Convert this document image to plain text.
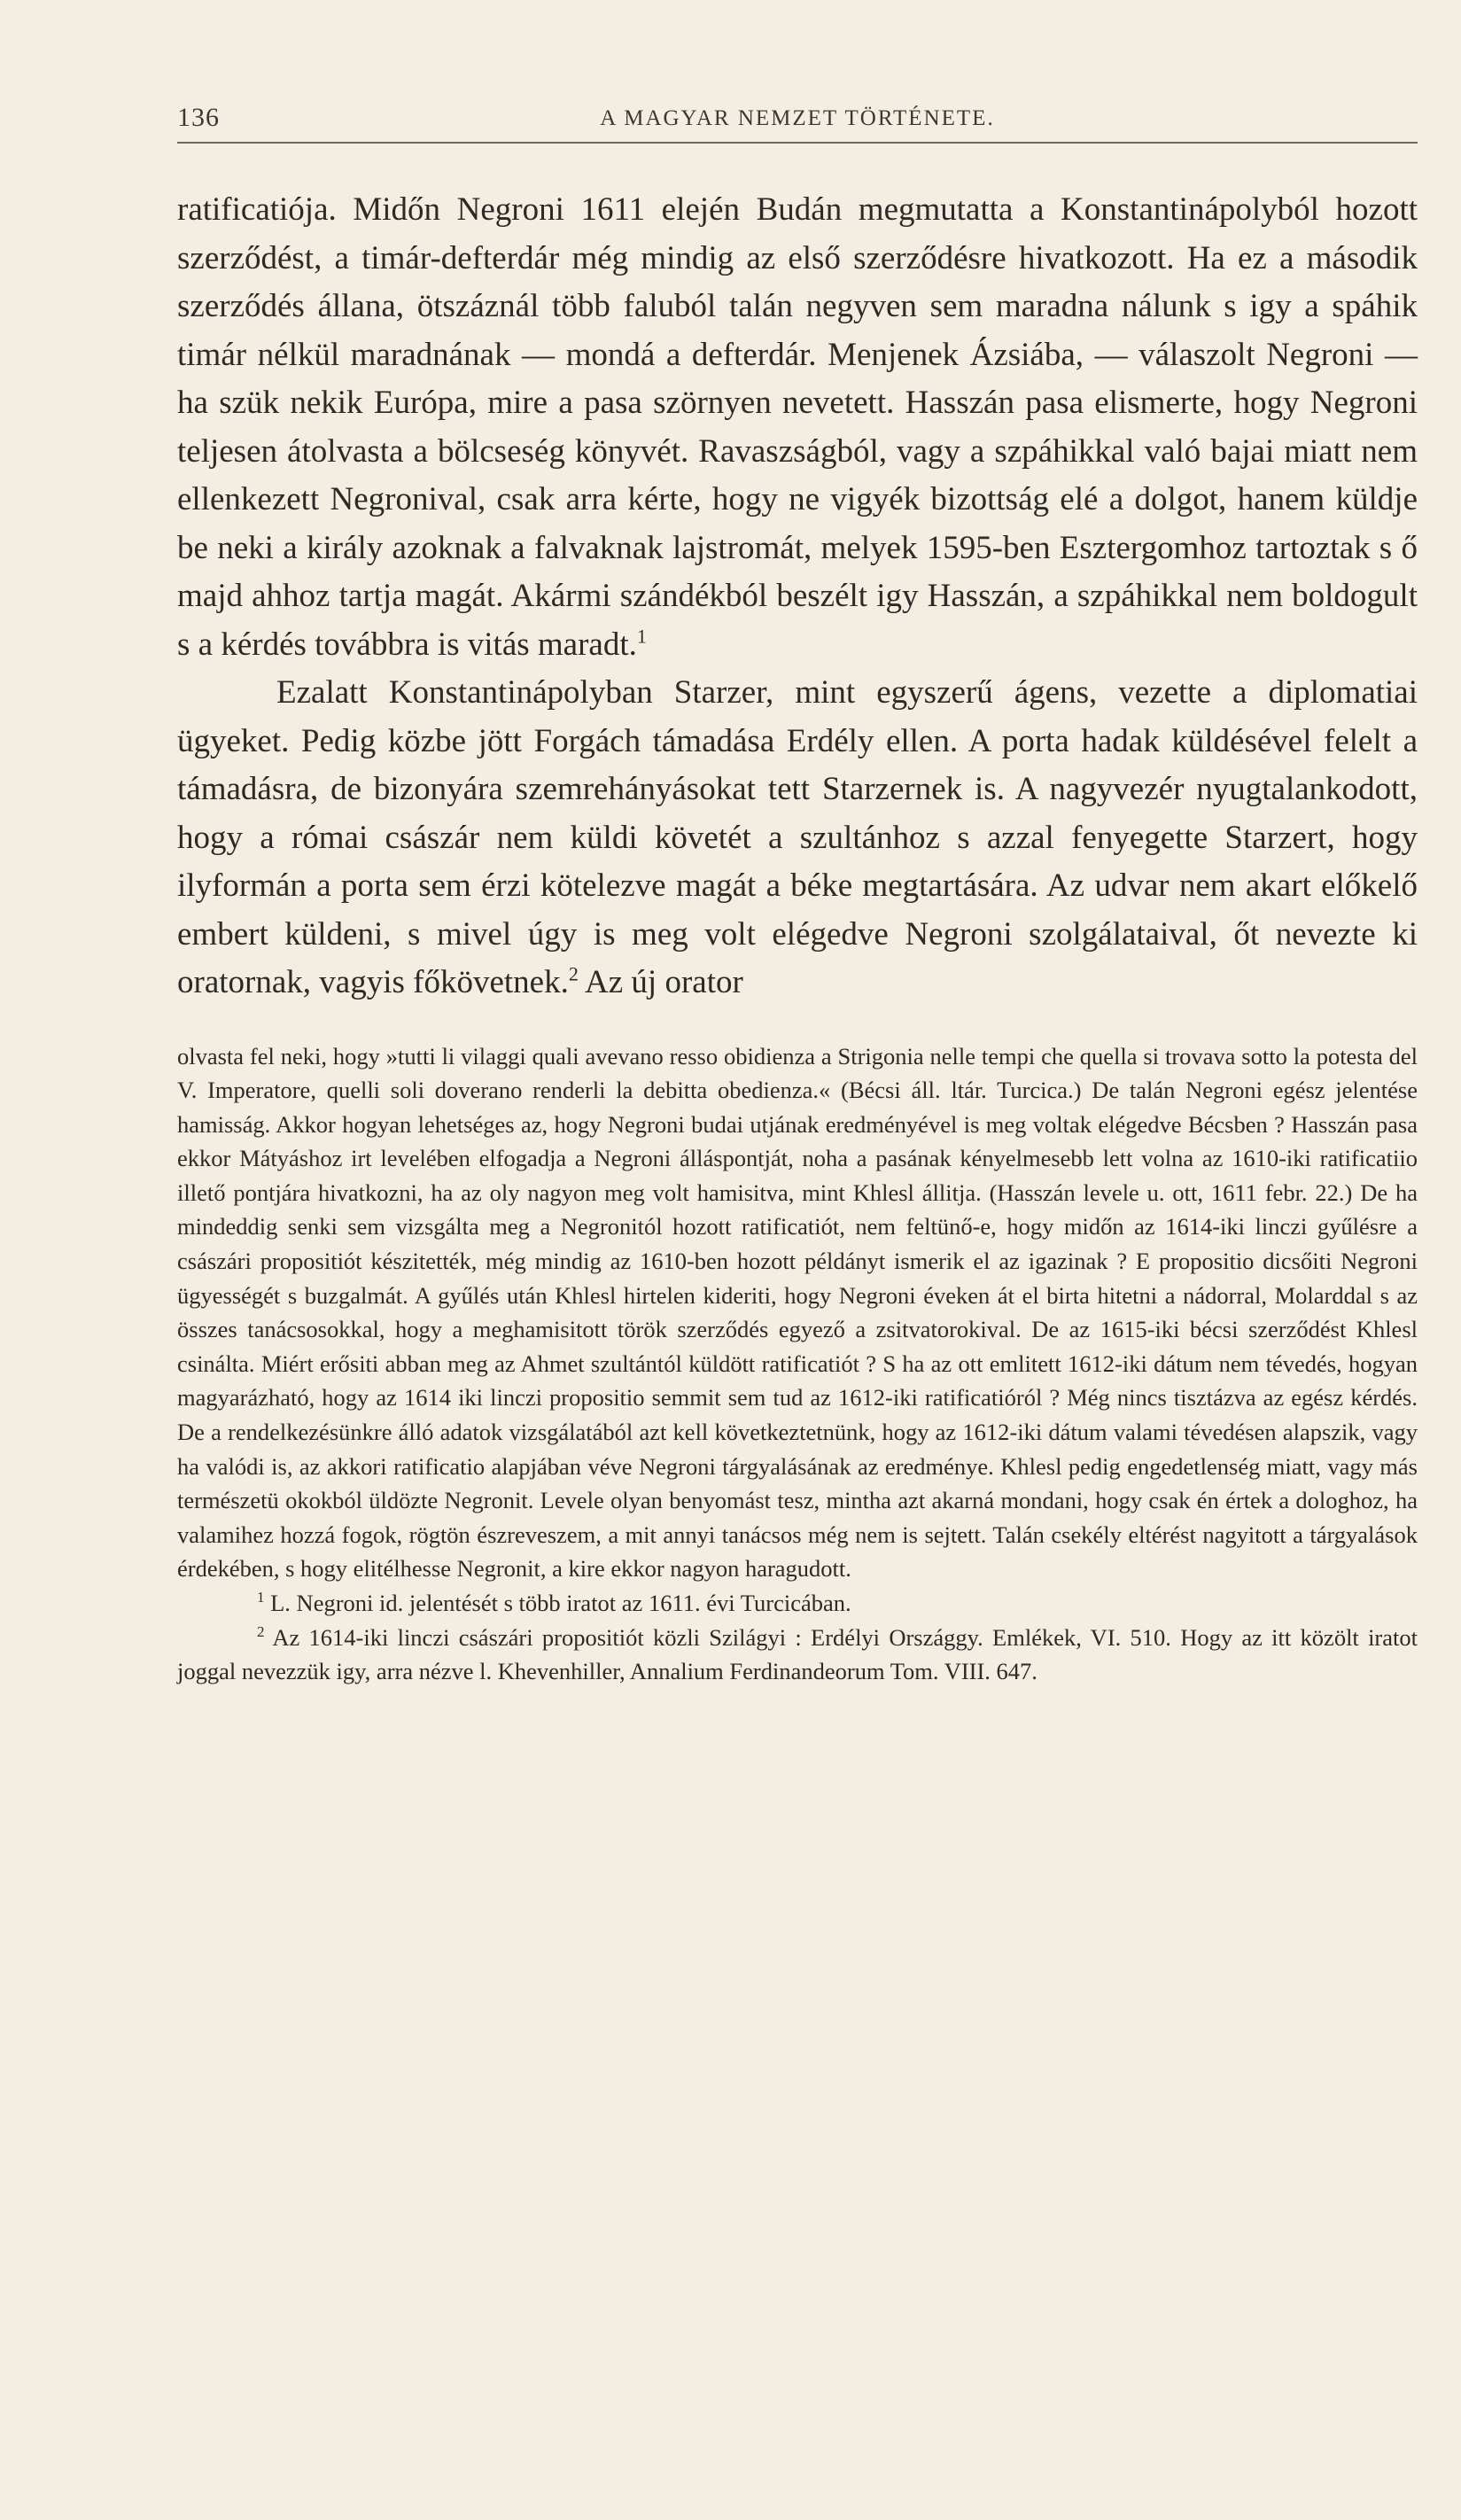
136	A MAGYAR NEMZET TÖRTÉNETE.

ratificatiója. Midőn Negroni 1611 elején Budán megmutatta a Konstantinápolyból hozott szerződést, a timár-defterdár még mindig az első szerződésre hivatkozott. Ha ez a második szerződés állana, ötszáznál több faluból talán negyven sem maradna nálunk s igy a spáhik timár nélkül maradnának — mondá a defterdár. Menjenek Ázsiába, — válaszolt Negroni — ha szük nekik Európa, mire a pasa szörnyen nevetett. Hasszán pasa elismerte, hogy Negroni teljesen átolvasta a bölcseség könyvét. Ravaszságból, vagy a szpáhikkal való bajai miatt nem ellenkezett Negronival, csak arra kérte, hogy ne vigyék bizottság elé a dolgot, hanem küldje be neki a király azoknak a falvaknak lajstromát, melyek 1595-ben Esztergomhoz tartoztak s ő majd ahhoz tartja magát. Akármi szándékból beszélt igy Hasszán, a szpáhikkal nem boldogult s a kérdés továbbra is vitás maradt.$^1$

Ezalatt Konstantinápolyban Starzer, mint egyszerű ágens, vezette a diplomatiai ügyeket. Pedig közbe jött Forgách támadása Erdély ellen. A porta hadak küldésével felelt a támadásra, de bizonyára szemrehányásokat tett Starzernek is. A nagyvezér nyugtalankodott, hogy a római császár nem küldi követét a szultánhoz s azzal fenyegette Starzert, hogy ilyformán a porta sem érzi kötelezve magát a béke megtartására. Az udvar nem akart előkelő embert küldeni, s mivel úgy is meg volt elégedve Negroni szolgálataival, őt nevezte ki oratornak, vagyis főkövetnek.$^2$ Az új orator

olvasta fel neki, hogy »tutti li vilaggi quali avevano resso obidienza a Strigonia nelle tempi che quella si trovava sotto la potesta del V. Imperatore, quelli soli doverano renderli la debitta obedienza.« (Bécsi áll. ltár. Turcica.) De talán Negroni egész jelentése hamisság. Akkor hogyan lehetséges az, hogy Negroni budai utjának eredményével is meg voltak elégedve Bécsben ? Hasszán pasa ekkor Mátyáshoz irt levelében elfogadja a Negroni álláspontját, noha a pasának kényelmesebb lett volna az 1610-iki ratificatiio illető pontjára hivatkozni, ha az oly nagyon meg volt hamisitva, mint Khlesl állitja. (Hasszán levele u. ott, 1611 febr. 22.) De ha mindeddig senki sem vizsgálta meg a Negronitól hozott ratificatiót, nem feltünő-e, hogy midőn az 1614-iki linczi gyűlésre a császári propositiót készitették, még mindig az 1610-ben hozott példányt ismerik el az igazinak ? E propositio dicsőiti Negroni ügyességét s buzgalmát. A gyűlés után Khlesl hirtelen kideriti, hogy Negroni éveken át el birta hitetni a nádorral, Molarddal s az összes tanácsosokkal, hogy a meghamisitott török szerződés egyező a zsitvatorokival. De az 1615-iki bécsi szerződést Khlesl csinálta. Miért erősiti abban meg az Ahmet szultántól küldött ratificatiót ? S ha az ott emlitett 1612-iki dátum nem tévedés, hogyan magyarázható, hogy az 1614 iki linczi propositio semmit sem tud az 1612-iki ratificatióról ? Még nincs tisztázva az egész kérdés. De a rendelkezésünkre álló adatok vizsgálatából azt kell következtetnünk, hogy az 1612-iki dátum valami tévedésen alapszik, vagy ha valódi is, az akkori ratificatio alapjában véve Negroni tárgyalásának az eredménye. Khlesl pedig engedetlenség miatt, vagy más természetü okokból üldözte Negronit. Levele olyan benyomást tesz, mintha azt akarná mondani, hogy csak én értek a dologhoz, ha valamihez hozzá fogok, rögtön észreveszem, a mit annyi tanácsos még nem is sejtett. Talán csekély eltérést nagyitott a tárgyalások érdekében, s hogy elitélhesse Negronit, a kire ekkor nagyon haragudott.

$^1$ L. Negroni id. jelentését s több iratot az 1611. évi Turcicában.

$^2$ Az 1614-iki linczi császári propositiót közli Szilágyi : Erdélyi Országgy. Emlékek, VI. 510. Hogy az itt közölt iratot joggal nevezzük igy, arra nézve l. Khevenhiller, Annalium Ferdinandeorum Tom. VIII. 647.
